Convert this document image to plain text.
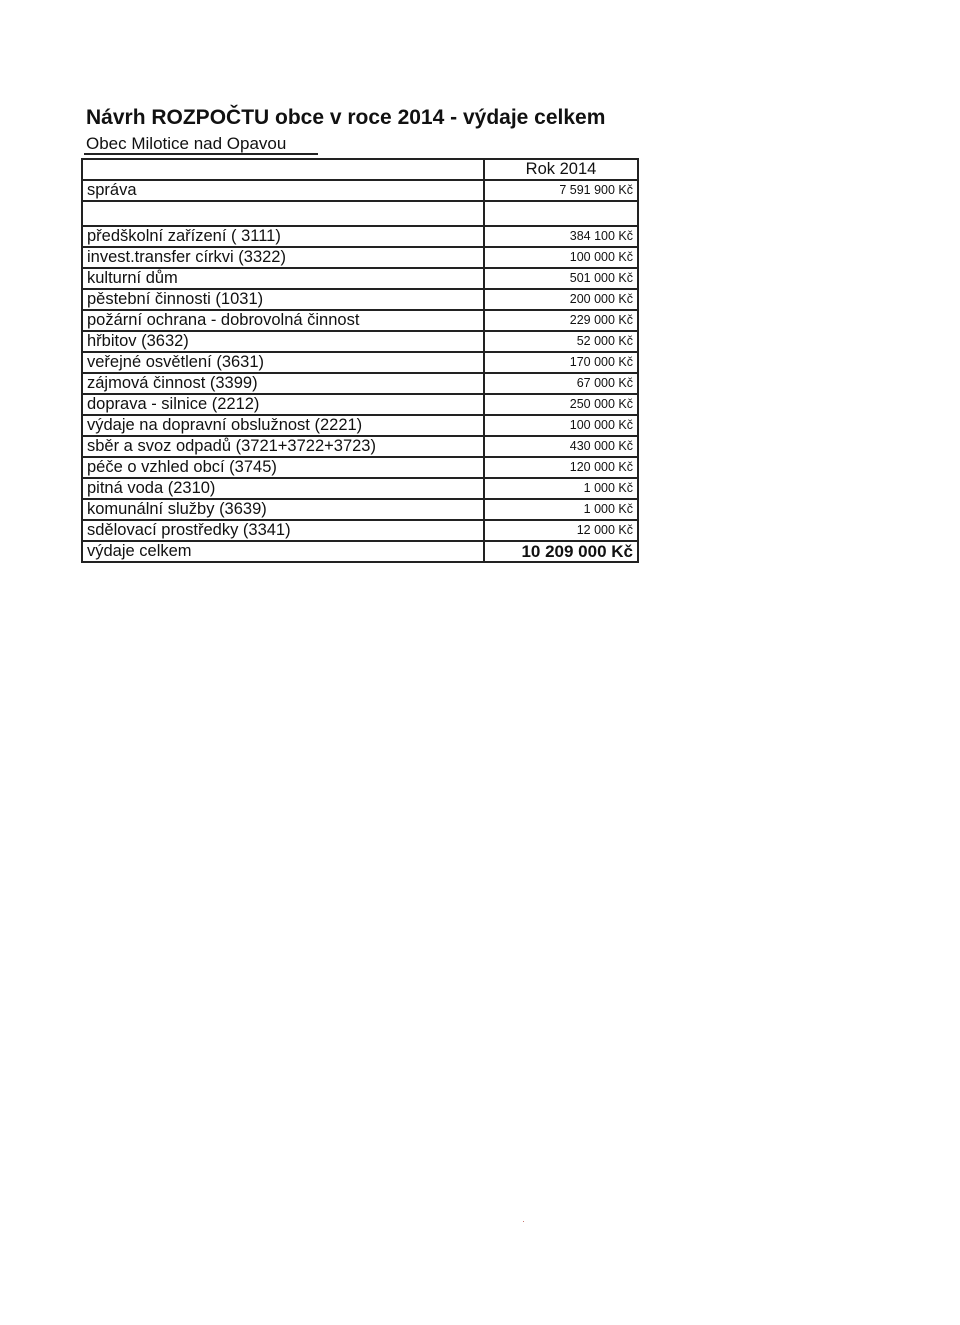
Návrh ROZPOČTU obce v roce 2014 - výdaje celkem
Obec Milotice nad Opavou
	Rok 2014
správa	7 591 900 Kč

předškolní zařízení ( 3111)	384 100 Kč
invest.transfer církvi (3322)	100 000 Kč
kulturní dům	501 000 Kč
pěstební činnosti (1031)	200 000 Kč
požární ochrana - dobrovolná činnost	229 000 Kč
hřbitov (3632)	52 000 Kč
veřejné osvětlení (3631)	170 000 Kč
zájmová činnost (3399)	67 000 Kč
doprava - silnice (2212)	250 000 Kč
výdaje na dopravní obslužnost (2221)	100 000 Kč
sběr a svoz odpadů (3721+3722+3723)	430 000 Kč
péče o vzhled obcí (3745)	120 000 Kč
pitná voda (2310)	1 000 Kč
komunální služby (3639)	1 000 Kč
sdělovací prostředky (3341)	12 000 Kč
výdaje celkem	10 209 000 Kč
·
